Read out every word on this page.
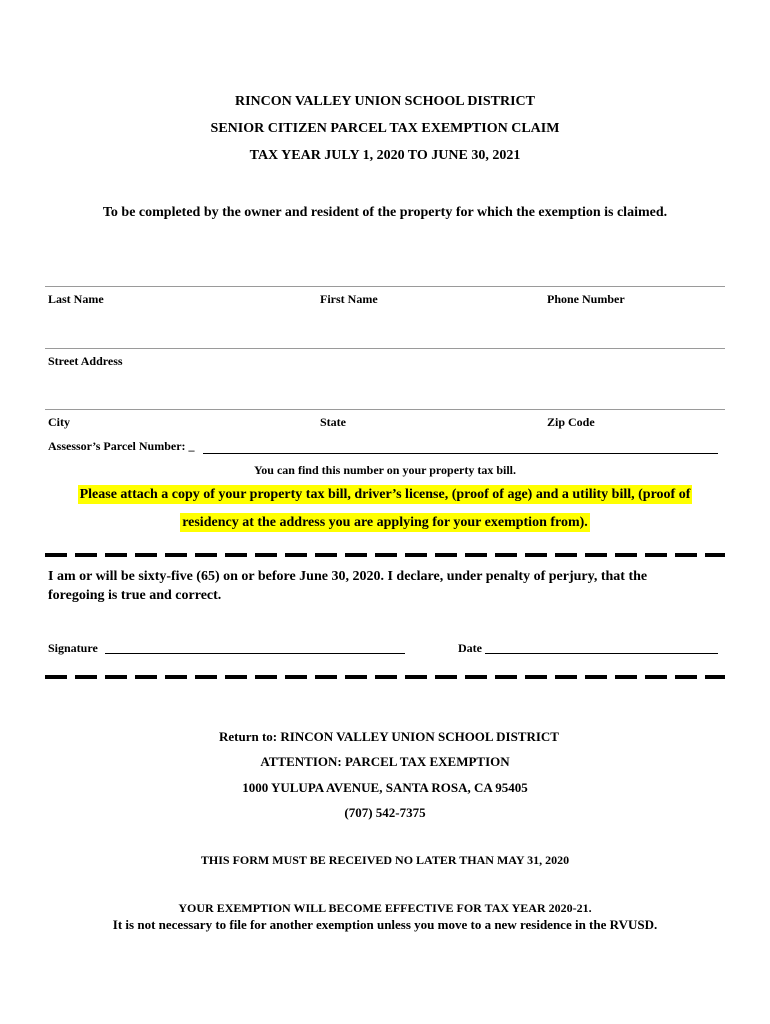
RINCON VALLEY UNION SCHOOL DISTRICT
SENIOR CITIZEN PARCEL TAX EXEMPTION CLAIM
TAX YEAR JULY 1, 2020 TO JUNE 30, 2021
To be completed by the owner and resident of the property for which the exemption is claimed.
Last Name	First Name	Phone Number
Street Address
City	State	Zip Code
Assessor’s Parcel Number: _
You can find this number on your property tax bill.
Please attach a copy of your property tax bill, driver’s license, (proof of age) and a utility bill, (proof of
residency at the address you are applying for your exemption from).
I am or will be sixty-five (65) on or before June 30, 2020. I declare, under penalty of perjury, that the
foregoing is true and correct.
Signature	Date
Return to: RINCON VALLEY UNION SCHOOL DISTRICT
ATTENTION: PARCEL TAX EXEMPTION
1000 YULUPA AVENUE, SANTA ROSA, CA 95405
(707) 542-7375
THIS FORM MUST BE RECEIVED NO LATER THAN MAY 31, 2020
YOUR EXEMPTION WILL BECOME EFFECTIVE FOR TAX YEAR 2020-21.
It is not necessary to file for another exemption unless you move to a new residence in the RVUSD.
